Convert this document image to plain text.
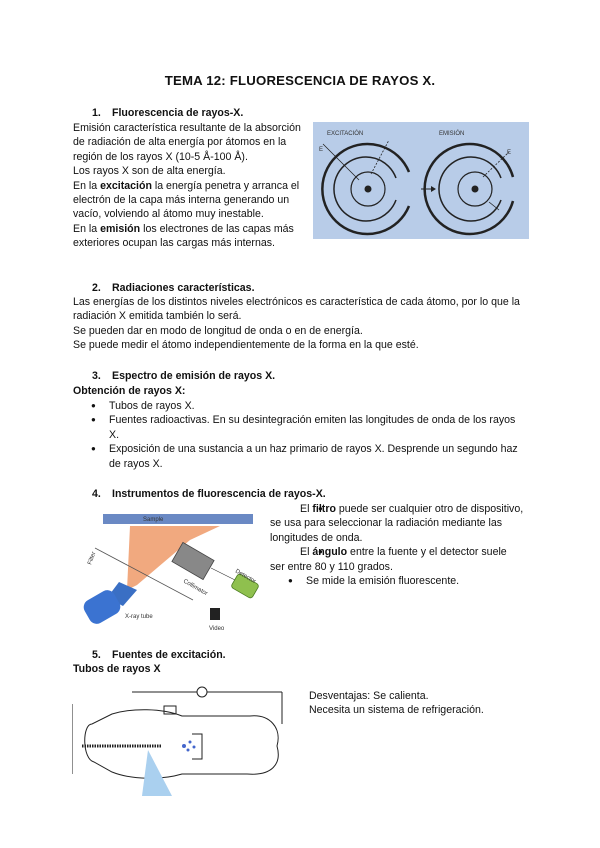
TEMA 12: FLUORESCENCIA DE RAYOS X.
1. Fluorescencia de rayos-X.
Emisión característica resultante de la absorción de radiación de alta energía por átomos en la región de los rayos X (10-5 Å-100 Å).
Los rayos X son de alta energía.
En la excitación la energía penetra y arranca el electrón de la capa más interna generando un vacío, volviendo al átomo muy inestable.
En la emisión los electrones de las capas más exteriores ocupan las cargas más internas.
EXCITACIÓN	EMISIÓN
E	E
2. Radiaciones características.
Las energías de los distintos niveles electrónicos es característica de cada átomo, por lo que la radiación X emitida también lo será.
Se pueden dar en modo de longitud de onda o en de energía.
Se puede medir el átomo independientemente de la forma en la que esté.
3. Espectro de emisión de rayos X.
Obtención de rayos X:
● Tubos de rayos X.
● Fuentes radioactivas. En su desintegración emiten las longitudes de onda de los rayos X.
● Exposición de una sustancia a un haz primario de rayos X. Desprende un segundo haz de rayos X.
4. Instrumentos de fluorescencia de rayos-X.
Sample
Filter
Collimator
Detector
X-ray tube
Video
● El filtro puede ser cualquier otro de dispositivo, se usa para seleccionar la radiación mediante las longitudes de onda.
● El ángulo entre la fuente y el detector suele ser entre 80 y 110 grados.
● Se mide la emisión fluorescente.
5. Fuentes de excitación.
Tubos de rayos X
Desventajas: Se calienta.
Necesita un sistema de refrigeración.
